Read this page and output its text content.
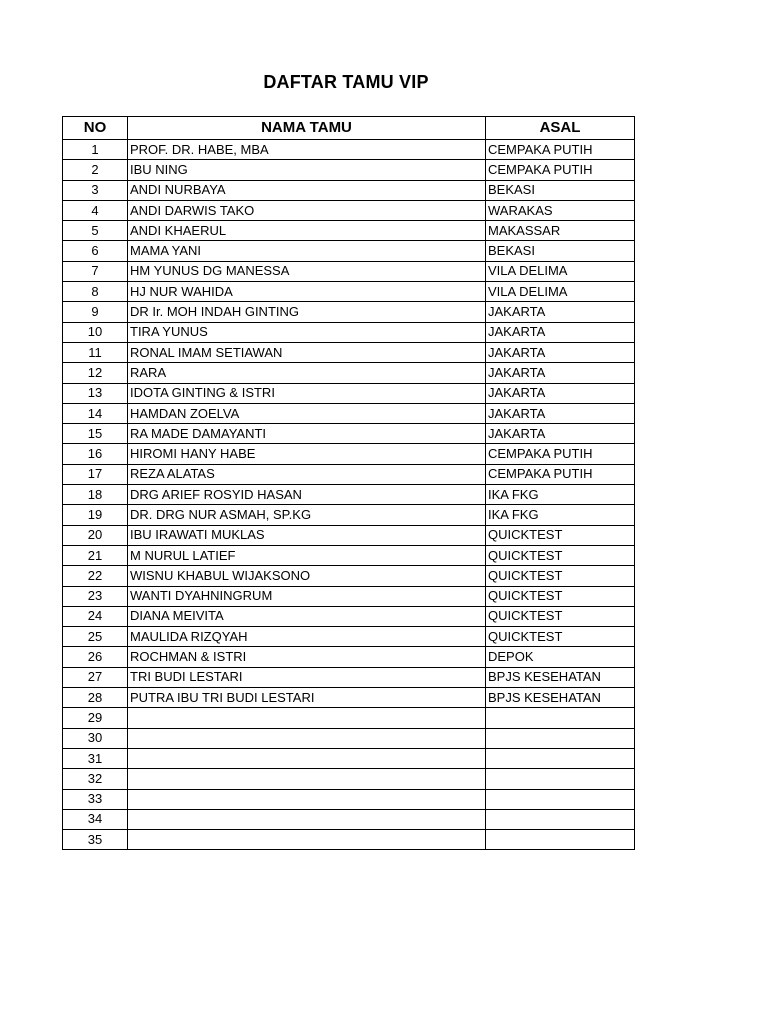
DAFTAR TAMU VIP
NO	NAMA TAMU	ASAL
1	PROF. DR. HABE, MBA	CEMPAKA PUTIH
2	IBU NING	CEMPAKA PUTIH
3	ANDI NURBAYA	BEKASI
4	ANDI DARWIS TAKO	WARAKAS
5	ANDI KHAERUL	MAKASSAR
6	MAMA YANI	BEKASI
7	HM YUNUS DG MANESSA	VILA DELIMA
8	HJ NUR WAHIDA	VILA DELIMA
9	DR Ir. MOH INDAH GINTING	JAKARTA
10	TIRA YUNUS	JAKARTA
11	RONAL IMAM SETIAWAN	JAKARTA
12	RARA	JAKARTA
13	IDOTA GINTING & ISTRI	JAKARTA
14	HAMDAN ZOELVA	JAKARTA
15	RA MADE DAMAYANTI	JAKARTA
16	HIROMI HANY HABE	CEMPAKA PUTIH
17	REZA ALATAS	CEMPAKA PUTIH
18	DRG ARIEF ROSYID HASAN	IKA FKG
19	DR. DRG NUR ASMAH, SP.KG	IKA FKG
20	IBU IRAWATI MUKLAS	QUICKTEST
21	M NURUL LATIEF	QUICKTEST
22	WISNU KHABUL WIJAKSONO	QUICKTEST
23	WANTI DYAHNINGRUM	QUICKTEST
24	DIANA MEIVITA	QUICKTEST
25	MAULIDA RIZQYAH	QUICKTEST
26	ROCHMAN & ISTRI	DEPOK
27	TRI BUDI LESTARI	BPJS KESEHATAN
28	PUTRA IBU TRI BUDI LESTARI	BPJS KESEHATAN
29		
30		
31		
32		
33		
34		
35		
